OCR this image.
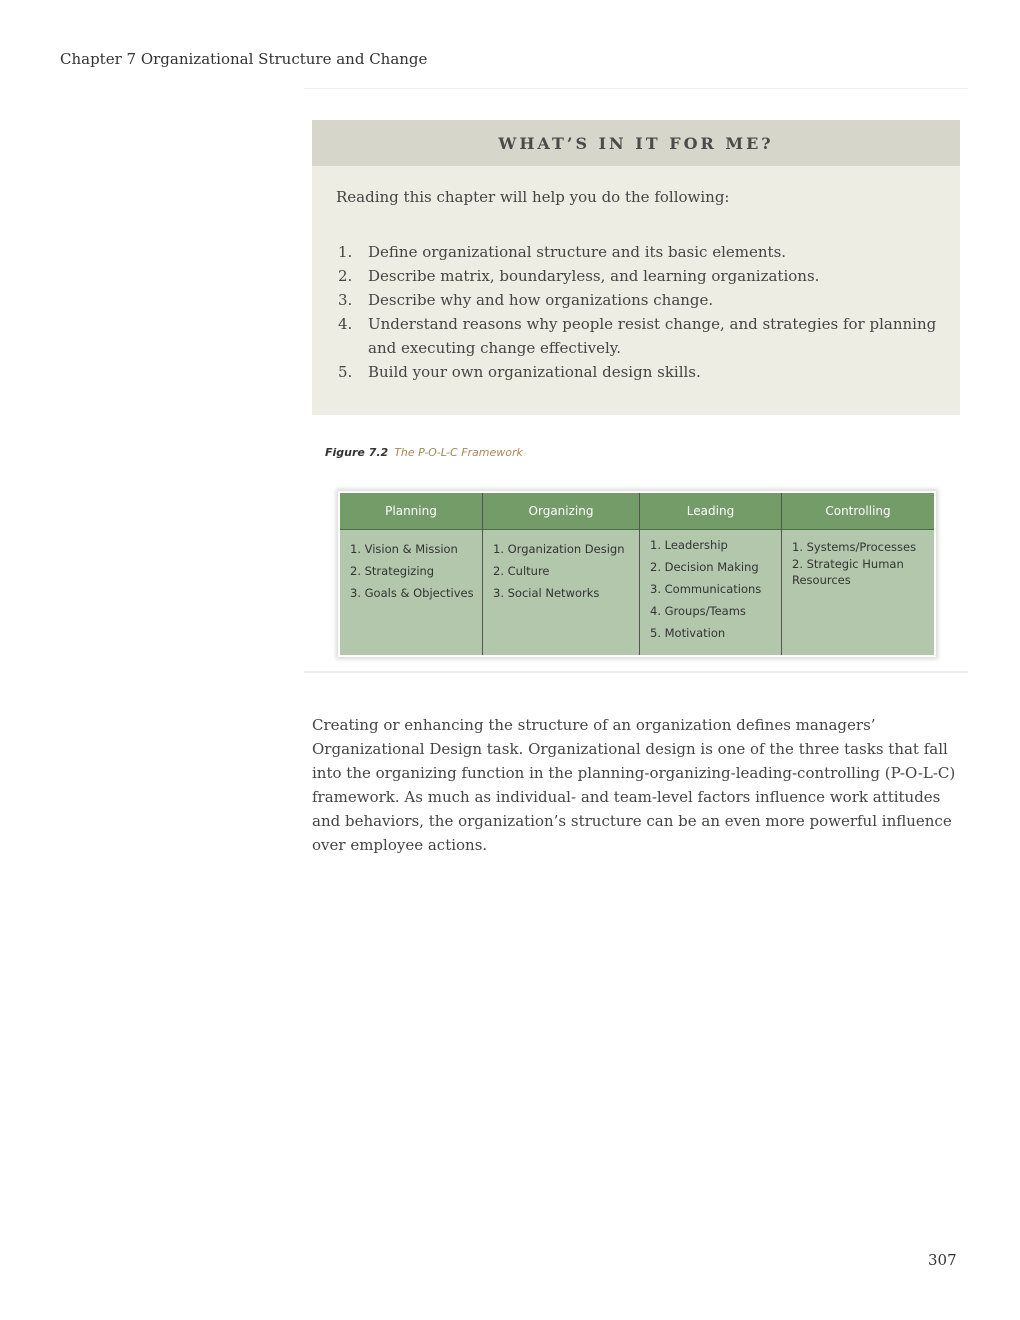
Chapter 7 Organizational Structure and Change
WHAT’S IN IT FOR ME?
Reading this chapter will help you do the following:
1. Define organizational structure and its basic elements.
2. Describe matrix, boundaryless, and learning organizations.
3. Describe why and how organizations change.
4. Understand reasons why people resist change, and strategies for planning and executing change effectively.
5. Build your own organizational design skills.
Figure 7.2 The P-O-L-C Framework
Planning
1. Vision & Mission
2. Strategizing
3. Goals & Objectives
Organizing
1. Organization Design
2. Culture
3. Social Networks
Leading
1. Leadership
2. Decision Making
3. Communications
4. Groups/Teams
5. Motivation
Controlling
1. Systems/Processes
2. Strategic Human Resources

Creating or enhancing the structure of an organization defines managers’ Organizational Design task. Organizational design is one of the three tasks that fall into the organizing function in the planning-organizing-leading-controlling (P-O-L-C) framework. As much as individual- and team-level factors influence work attitudes and behaviors, the organization’s structure can be an even more powerful influence over employee actions.

307
